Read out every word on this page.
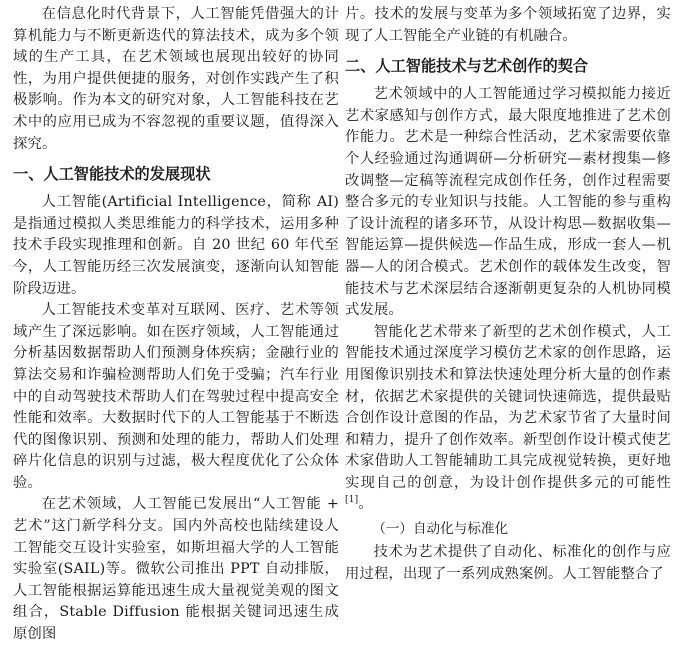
在信息化时代背景下，人工智能凭借强大的计算机能力与不断更新迭代的算法技术，成为多个领域的生产工具，在艺术领域也展现出较好的协同性，为用户提供便捷的服务，对创作实践产生了积极影响。作为本文的研究对象，人工智能科技在艺术中的应用已成为不容忽视的重要议题，值得深入探究。

一、人工智能技术的发展现状

人工智能(Artificial Intelligence，简称 AI)是指通过模拟人类思维能力的科学技术，运用多种技术手段实现推理和创新。自 20 世纪 60 年代至今，人工智能历经三次发展演变，逐渐向认知智能阶段迈进。

人工智能技术变革对互联网、医疗、艺术等领域产生了深远影响。如在医疗领域，人工智能通过分析基因数据帮助人们预测身体疾病；金融行业的算法交易和诈骗检测帮助人们免于受骗；汽车行业中的自动驾驶技术帮助人们在驾驶过程中提高安全性能和效率。大数据时代下的人工智能基于不断迭代的图像识别、预测和处理的能力，帮助人们处理碎片化信息的识别与过滤，极大程度优化了公众体验。

在艺术领域，人工智能已发展出“人工智能 + 艺术”这门新学科分支。国内外高校也陆续建设人工智能交互设计实验室，如斯坦福大学的人工智能实验室(SAIL)等。微软公司推出 PPT 自动排版，人工智能根据运算能迅速生成大量视觉美观的图文组合，Stable Diffusion 能根据关键词迅速生成原创图

片。技术的发展与变革为多个领域拓宽了边界，实现了人工智能全产业链的有机融合。

二、人工智能技术与艺术创作的契合

艺术领域中的人工智能通过学习模拟能力接近艺术家感知与创作方式，最大限度地推进了艺术创作能力。艺术是一种综合性活动，艺术家需要依靠个人经验通过沟通调研—分析研究—素材搜集—修改调整—定稿等流程完成创作任务，创作过程需要整合多元的专业知识与技能。人工智能的参与重构了设计流程的诸多环节，从设计构思—数据收集—智能运算—提供候选—作品生成，形成一套人—机器—人的闭合模式。艺术创作的载体发生改变，智能技术与艺术深层结合逐渐朝更复杂的人机协同模式发展。

智能化艺术带来了新型的艺术创作模式，人工智能技术通过深度学习模仿艺术家的创作思路，运用图像识别技术和算法快速处理分析大量的创作素材，依据艺术家提供的关键词快速筛选，提供最贴合创作设计意图的作品，为艺术家节省了大量时间和精力，提升了创作效率。新型创作设计模式使艺术家借助人工智能辅助工具完成视觉转换，更好地实现自己的创意，为设计创作提供多元的可能性[1]。

（一）自动化与标准化

技术为艺术提供了自动化、标准化的创作与应用过程，出现了一系列成熟案例。人工智能整合了
